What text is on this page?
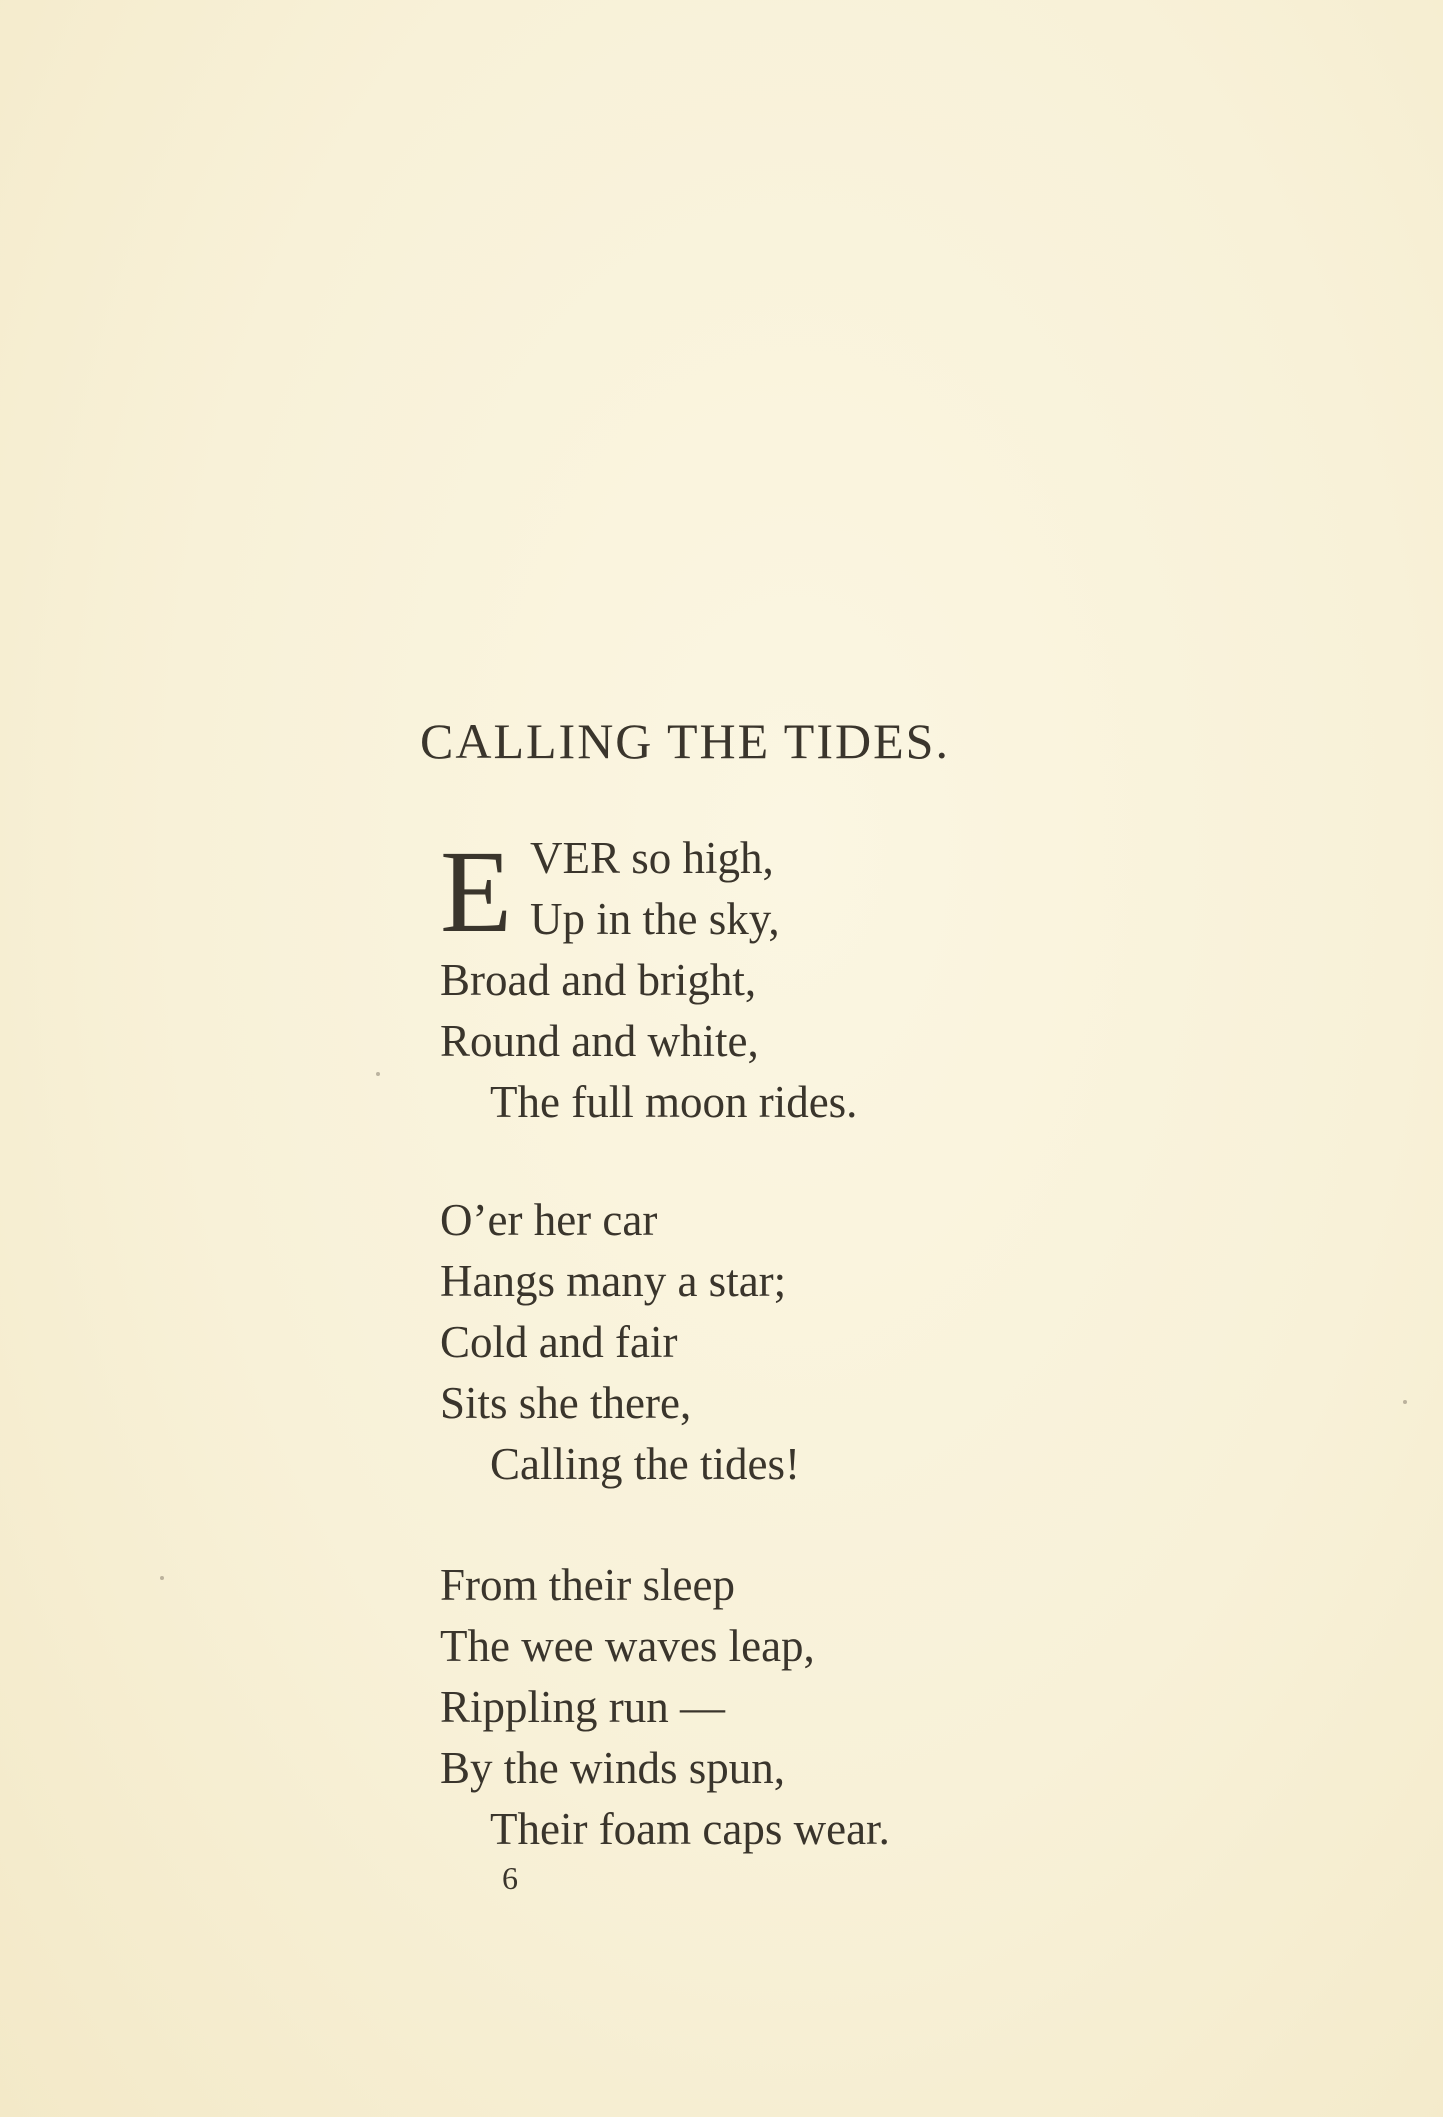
CALLING THE TIDES.
E VER so high,
Up in the sky,
Broad and bright,
Round and white,
The full moon rides.
O’er her car
Hangs many a star;
Cold and fair
Sits she there,
Calling the tides!
From their sleep
The wee waves leap,
Rippling run —
By the winds spun,
Their foam caps wear.
6
